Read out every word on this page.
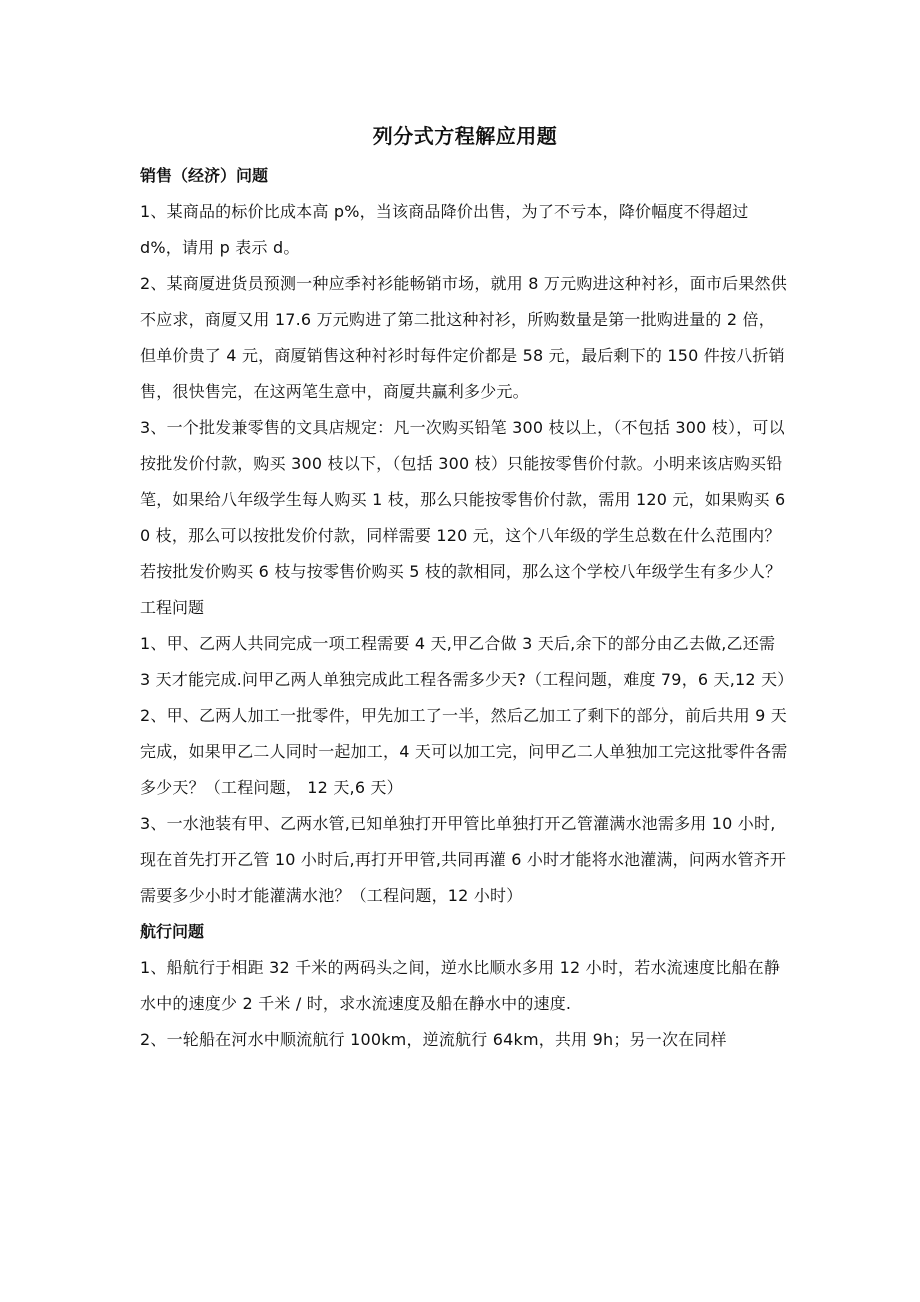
列分式方程解应用题
销售（经济）问题

1、某商品的标价比成本高 p%，当该商品降价出售，为了不亏本，降价幅度不得超过 d%，请用 p 表示 d。

2、某商厦进货员预测一种应季衬衫能畅销市场，就用 8 万元购进这种衬衫，面市后果然供不应求，商厦又用 17.6 万元购进了第二批这种衬衫，所购数量是第一批购进量的 2 倍，但单价贵了 4 元，商厦销售这种衬衫时每件定价都是 58 元，最后剩下的 150 件按八折销售，很快售完，在这两笔生意中，商厦共赢利多少元。

3、一个批发兼零售的文具店规定：凡一次购买铅笔 300 枝以上，（不包括 300 枝），可以按批发价付款，购买 300 枝以下，（包括 300 枝）只能按零售价付款。小明来该店购买铅笔，如果给八年级学生每人购买 1 枝，那么只能按零售价付款，需用 120 元，如果购买 60 枝，那么可以按批发价付款，同样需要 120 元，这个八年级的学生总数在什么范围内？若按批发价购买 6 枝与按零售价购买 5 枝的款相同，那么这个学校八年级学生有多少人？

工程问题

1、甲、乙两人共同完成一项工程需要 4 天,甲乙合做 3 天后,余下的部分由乙去做,乙还需 3 天才能完成.问甲乙两人单独完成此工程各需多少天?（工程问题，难度 79，6 天,12 天）

2、甲、乙两人加工一批零件，甲先加工了一半，然后乙加工了剩下的部分，前后共用 9 天完成，如果甲乙二人同时一起加工，4 天可以加工完，问甲乙二人单独加工完这批零件各需多少天？（工程问题， 12 天,6 天）

3、一水池装有甲、乙两水管,已知单独打开甲管比单独打开乙管灌满水池需多用 10 小时,现在首先打开乙管 10 小时后,再打开甲管,共同再灌 6 小时才能将水池灌满，问两水管齐开需要多少小时才能灌满水池？（工程问题，12 小时）

航行问题

1、船航行于相距 32 千米的两码头之间，逆水比顺水多用 12 小时，若水流速度比船在静水中的速度少 2 千米 / 时，求水流速度及船在静水中的速度.

2、一轮船在河水中顺流航行 100km，逆流航行 64km，共用 9h；另一次在同样
